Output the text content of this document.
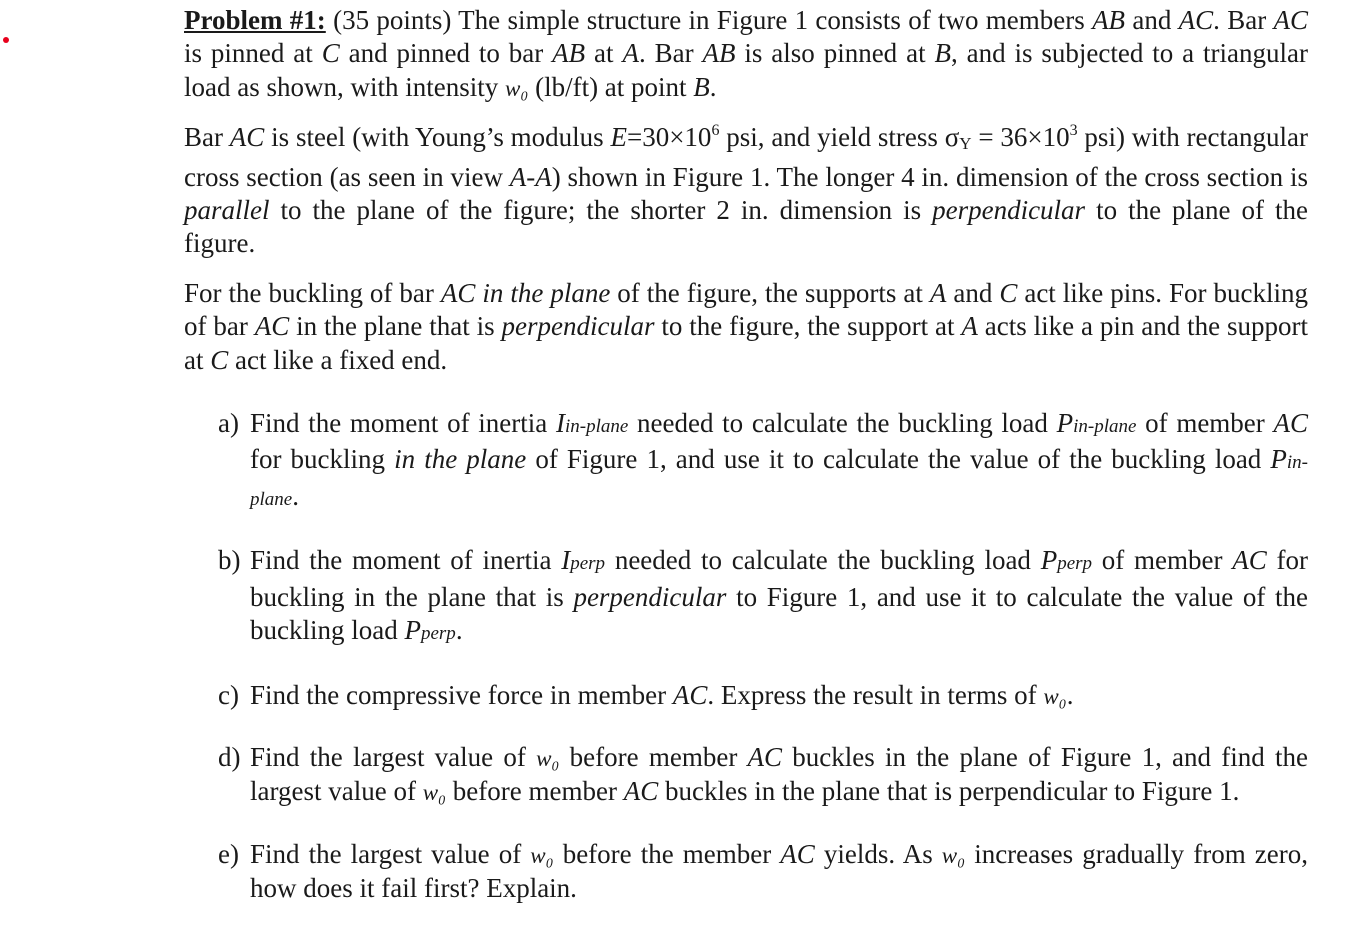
Problem #1: (35 points) The simple structure in Figure 1 consists of two members AB and AC. Bar AC is pinned at C and pinned to bar AB at A. Bar AB is also pinned at B, and is subjected to a triangular load as shown, with intensity w₀ (lb/ft) at point B.

Bar AC is steel (with Young’s modulus $E=30\times 10^6$ psi, and yield stress $\sigma Y = 36\times 10^3$ psi) with rectangular cross section (as seen in view A-A) shown in Figure 1. The longer 4 in. dimension of the cross section is parallel to the plane of the figure; the shorter 2 in. dimension is perpendicular to the plane of the figure.

For the buckling of bar AC in the plane of the figure, the supports at A and C act like pins. For buckling of bar AC in the plane that is perpendicular to the figure, the support at A acts like a pin and the support at C act like a fixed end.

a) Find the moment of inertia Iin-plane needed to calculate the buckling load Pin-plane of member AC for buckling in the plane of Figure 1, and use it to calculate the value of the buckling load Pin-plane.
b) Find the moment of inertia Iperp needed to calculate the buckling load Pperp of member AC for buckling in the plane that is perpendicular to Figure 1, and use it to calculate the value of the buckling load Pperp.
c) Find the compressive force in member AC. Express the result in terms of w₀.
d) Find the largest value of w₀ before member AC buckles in the plane of Figure 1, and find the largest value of w₀ before member AC buckles in the plane that is perpendicular to Figure 1.
e) Find the largest value of w₀ before the member AC yields. As w₀ increases gradually from zero, how does it fail first? Explain.
